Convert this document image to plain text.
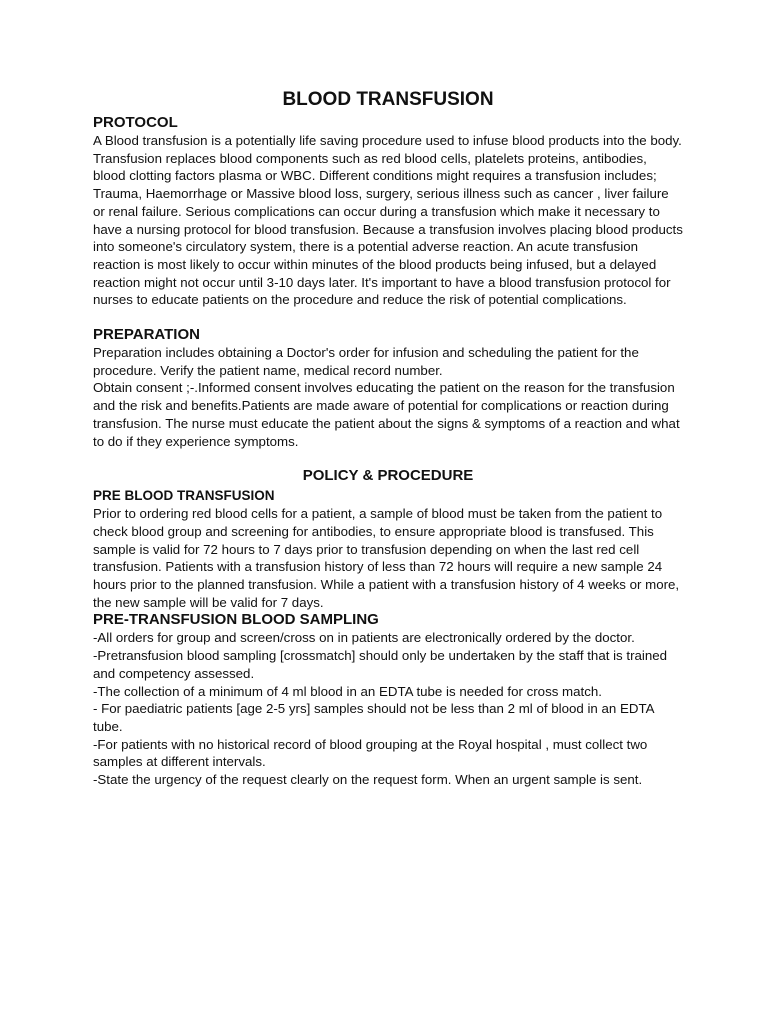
BLOOD TRANSFUSION
PROTOCOL

A Blood transfusion is a potentially life saving procedure used to infuse blood products into the body. Transfusion replaces blood components such as red blood cells, platelets proteins, antibodies, blood clotting factors plasma or WBC. Different conditions might requires a transfusion includes;

Trauma, Haemorrhage or Massive blood loss, surgery, serious illness such as cancer , liver failure or renal failure. Serious complications can occur during a transfusion which make it necessary to have a nursing protocol for blood transfusion. Because a transfusion involves placing blood products into someone's circulatory system, there is a potential adverse reaction. An acute transfusion reaction is most likely to occur within minutes of the blood products being infused, but a delayed reaction might not occur until 3-10 days later. It's important to have a blood transfusion protocol for nurses to educate patients on the procedure and reduce the risk of potential complications.

PREPARATION

Preparation includes obtaining a Doctor's order for infusion and scheduling the patient for the procedure. Verify the patient name, medical record number.

Obtain consent ;-.Informed consent involves educating the patient on the reason for the transfusion and the risk and benefits.Patients are made aware of potential for complications or reaction during transfusion. The nurse must educate the patient about the signs & symptoms of a reaction and what to do if they experience symptoms.

POLICY & PROCEDURE
PRE BLOOD TRANSFUSION

Prior to ordering red blood cells for a patient, a sample of blood must be taken from the patient to check blood group and screening for antibodies, to ensure appropriate blood is transfused. This sample is valid for 72 hours to 7 days prior to transfusion depending on when the last red cell transfusion. Patients with a transfusion history of less than 72 hours will require a new sample 24 hours prior to the planned transfusion. While a patient with a transfusion history of 4 weeks or more, the new sample will be valid for 7 days.

PRE-TRANSFUSION BLOOD SAMPLING

-All orders for group and screen/cross on in patients are electronically ordered by the doctor.

-Pretransfusion blood sampling [crossmatch] should only be undertaken by the staff that is trained and competency assessed.

-The collection of a minimum of 4 ml blood in an EDTA tube is needed for cross match.

- For paediatric patients [age 2-5 yrs] samples should not be less than 2 ml of blood in an EDTA tube.

-For patients with no historical record of blood grouping at the Royal hospital , must collect two samples at different intervals.

-State the urgency of the request clearly on the request form. When an urgent sample is sent.
